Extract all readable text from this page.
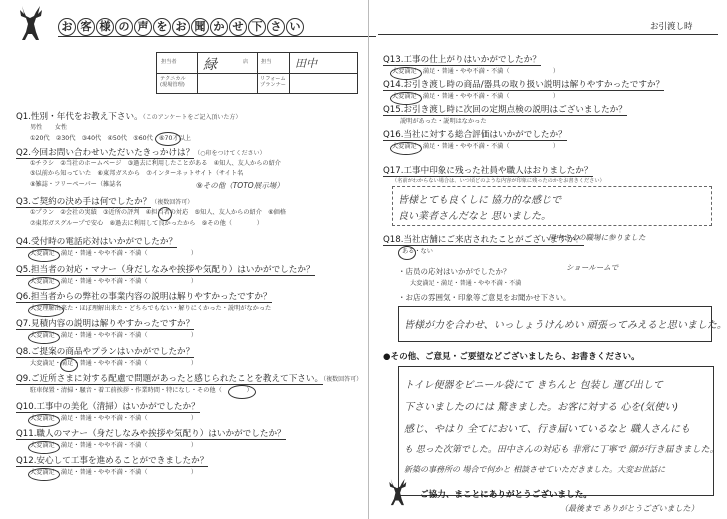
お 客 様 の 声 を お 聞 か せ 下 さ い
担当者 緑	店 担当 田中
テクニカル
(現場管理)
リフォーム
プランナー
Q1.性別・年代をお教え下さい。（このアンケートをご記入頂いた方）
男性　　女性
①20代　②30代　③40代　④50代　⑤60代　⑥70才以上
Q2.今回お問い合わせいただいたきっかけは？（○印をつけてください）
①チラシ　②当社のホームページ　③過去に利用したことがある　④知人、友人からの紹介
⑤以前から知っていた　⑥東邦ガスから　⑦インターネットサイト（サイト名
⑧雑誌・フリーペーパー（雑誌名	⑨その他（TOTO展示場）
Q3.ご契約の決め手は何でしたか？（複数回答可）
①プラン　②会社の実績　③近所の評判　④担当者の対応　⑤知人、友人からの紹介　⑥価格
⑦東邦ガスグループで安心　⑧過去に利用して良かったから　⑨その他（　　　　）
Q4.受付時の電話応対はいかがでしたか？
大変満足・満足・普通・やや不満・不満（　　　　　　　）
Q5.担当者の対応・マナー（身だしなみや挨拶や気配り）はいかがでしたか？
大変満足・満足・普通・やや不満・不満（　　　　　　　）
Q6.担当者からの弊社の事業内容の説明は解りやすかったですか？
大変理解出来た・ほぼ理解出来た・どちらでもない・解りにくかった・説明がなかった
Q7.見積内容の説明は解りやすかったですか？
大変満足・満足・普通・やや不満・不満（　　　　　　　）
Q8.ご提案の商品やプランはいかがでしたか？
大変満足・満足・普通・やや不満・不満（　　　　　　　）
Q9.ご近所さまに対する配慮で問題があったと感じられたことを教えて下さい。（複数回答可）
駐車保置・清掃・騒音・着工前挨拶・作業時間・特になし・その他（　　　　）
Q10.工事中の美化（清掃）はいかがでしたか？
大変満足・満足・普通・やや不満・不満（　　　　　　　）
Q11.職人のマナー（身だしなみや挨拶や気配り）はいかがでしたか？
大変満足・満足・普通・やや不満・不満（　　　　　　　）
Q12.安心して工事を進めることができましたか？
大変満足・満足・普通・やや不満・不満（　　　　　　　）
お引渡し時
Q13.工事の仕上がりはいかがでしたか？
大変満足・満足・普通・やや不満・不満（　　　　　　　）
Q14.お引き渡し時の商品/器具の取り扱い説明は解りやすかったですか？
大変満足・満足・普通・やや不満・不満（　　　　　　　）
Q15.お引き渡し時に次回の定期点検の説明はございましたか？
説明があった・説明はなかった
Q16.当社に対する総合評価はいかがでしたか？
大変満足・満足・普通・やや不満・不満（　　　　　　　）
Q17.工事中印象に残った社員や職人はおりましたか？
（名前がわからない場合は、いつ頃どのような内容が印象に残ったのかをお書きください）
皆様とても良くしに 協力的な感じで
良い業者さんだなと 思いました。
Q18.当社店舗にご来店されたことがございますか？
ある・ない
田中さんの職場に参りました
ショールームで
・店员の応対はいかがでしたか？
大変満足・満足・普通・やや不満・不満
・お店の雰囲気・印象等ご意見をお聞かせ下さい。
皆様が力を合わせ、いっしょうけんめい 頑張ってみえると思いました。
●その他、ご意見・ご要望などございましたら、お書きください。
トイレ便器をビニール袋にて きちんと 包装し 運び出して
下さいましたのには 驚きました。お客に対する 心を(気使い)
感じ、やはり 全てにおいて、行き届いているなと 職人さんにも
も 思った次第でした。田中さんの対応も 非常に丁寧で 顔が行き届きました。
新築の事務所の 場合で何かと 相談させていただきました。大変お世話に
ご協力、まことにありがとうございました。
（最後まで ありがとうございました）
